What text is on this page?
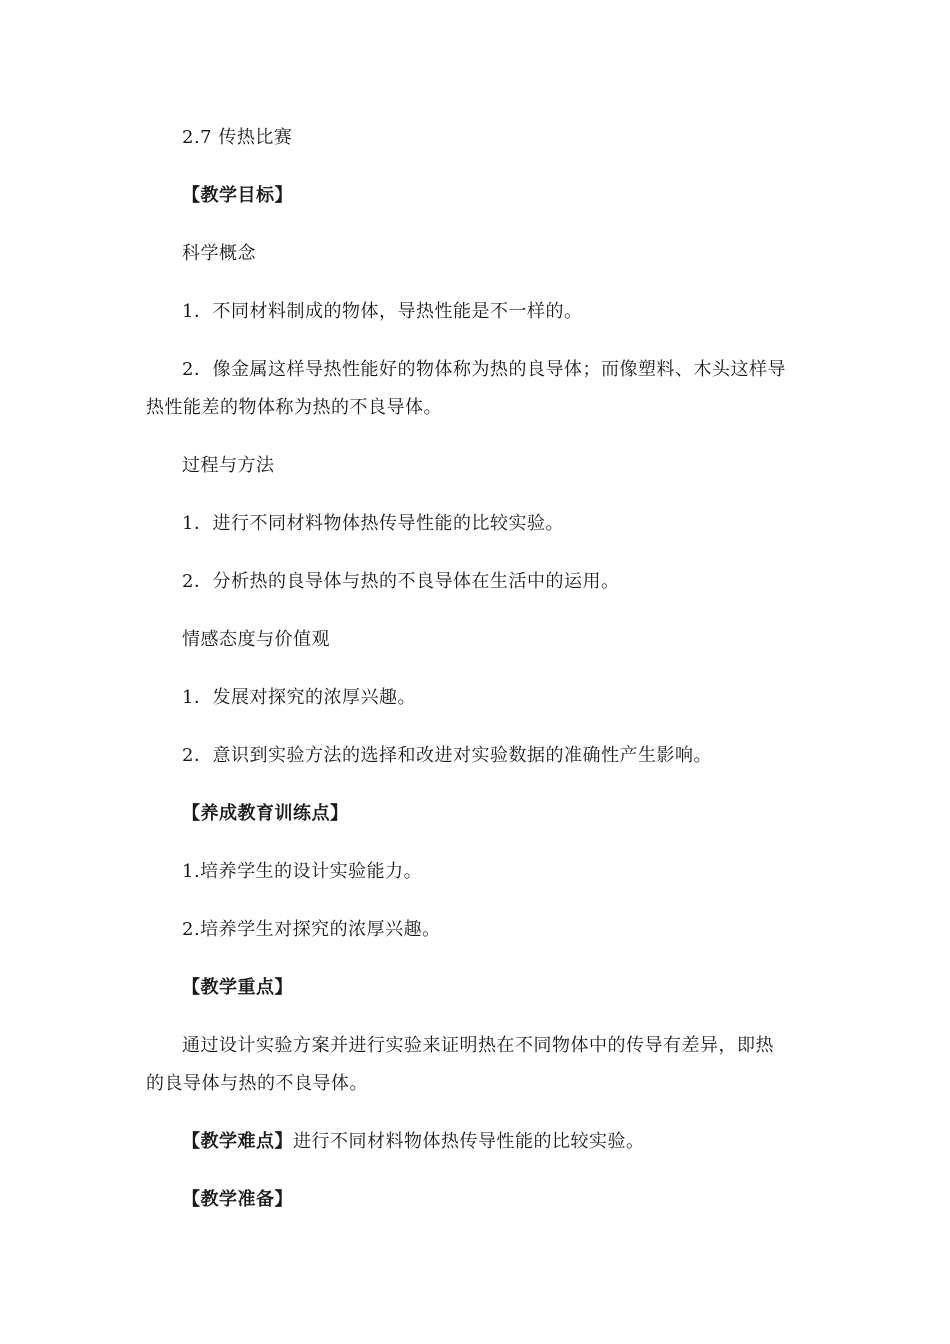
2.7 传热比赛
【教学目标】
科学概念
1．不同材料制成的物体，导热性能是不一样的。
2．像金属这样导热性能好的物体称为热的良导体；而像塑料、木头这样导
热性能差的物体称为热的不良导体。
过程与方法
1．进行不同材料物体热传导性能的比较实验。
2．分析热的良导体与热的不良导体在生活中的运用。
情感态度与价值观
1．发展对探究的浓厚兴趣。
2．意识到实验方法的选择和改进对实验数据的准确性产生影响。
【养成教育训练点】
1.培养学生的设计实验能力。
2.培养学生对探究的浓厚兴趣。
【教学重点】
通过设计实验方案并进行实验来证明热在不同物体中的传导有差异，即热
的良导体与热的不良导体。
【教学难点】进行不同材料物体热传导性能的比较实验。
【教学准备】
